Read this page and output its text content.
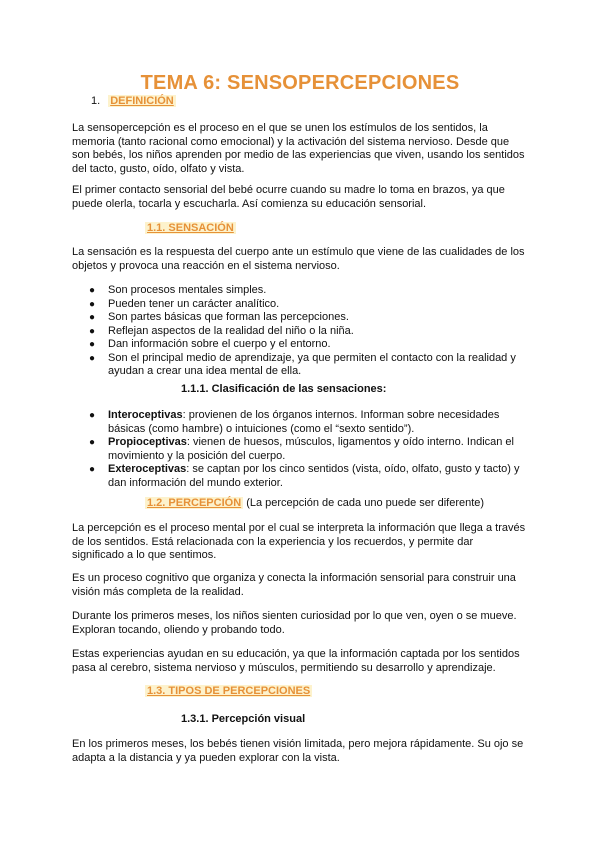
TEMA 6: SENSOPERCEPCIONES

1. DEFINICIÓN

La sensopercepción es el proceso en el que se unen los estímulos de los sentidos, la memoria (tanto racional como emocional) y la activación del sistema nervioso. Desde que son bebés, los niños aprenden por medio de las experiencias que viven, usando los sentidos del tacto, gusto, oído, olfato y vista.

El primer contacto sensorial del bebé ocurre cuando su madre lo toma en brazos, ya que puede olerla, tocarla y escucharla. Así comienza su educación sensorial.

1.1. SENSACIÓN

La sensación es la respuesta del cuerpo ante un estímulo que viene de las cualidades de los objetos y provoca una reacción en el sistema nervioso.

● Son procesos mentales simples.
● Pueden tener un carácter analítico.
● Son partes básicas que forman las percepciones.
● Reflejan aspectos de la realidad del niño o la niña.
● Dan información sobre el cuerpo y el entorno.
● Son el principal medio de aprendizaje, ya que permiten el contacto con la realidad y ayudan a crear una idea mental de ella.

1.1.1. Clasificación de las sensaciones:

● Interoceptivas: provienen de los órganos internos. Informan sobre necesidades básicas (como hambre) o intuiciones (como el “sexto sentido”).
● Propioceptivas: vienen de huesos, músculos, ligamentos y oído interno. Indican el movimiento y la posición del cuerpo.
● Exteroceptivas: se captan por los cinco sentidos (vista, oído, olfato, gusto y tacto) y dan información del mundo exterior.

1.2. PERCEPCIÓN (La percepción de cada uno puede ser diferente)

La percepción es el proceso mental por el cual se interpreta la información que llega a través de los sentidos. Está relacionada con la experiencia y los recuerdos, y permite dar significado a lo que sentimos.

Es un proceso cognitivo que organiza y conecta la información sensorial para construir una visión más completa de la realidad.

Durante los primeros meses, los niños sienten curiosidad por lo que ven, oyen o se mueve. Exploran tocando, oliendo y probando todo.

Estas experiencias ayudan en su educación, ya que la información captada por los sentidos pasa al cerebro, sistema nervioso y músculos, permitiendo su desarrollo y aprendizaje.

1.3. TIPOS DE PERCEPCIONES

1.3.1. Percepción visual

En los primeros meses, los bebés tienen visión limitada, pero mejora rápidamente. Su ojo se adapta a la distancia y ya pueden explorar con la vista.
